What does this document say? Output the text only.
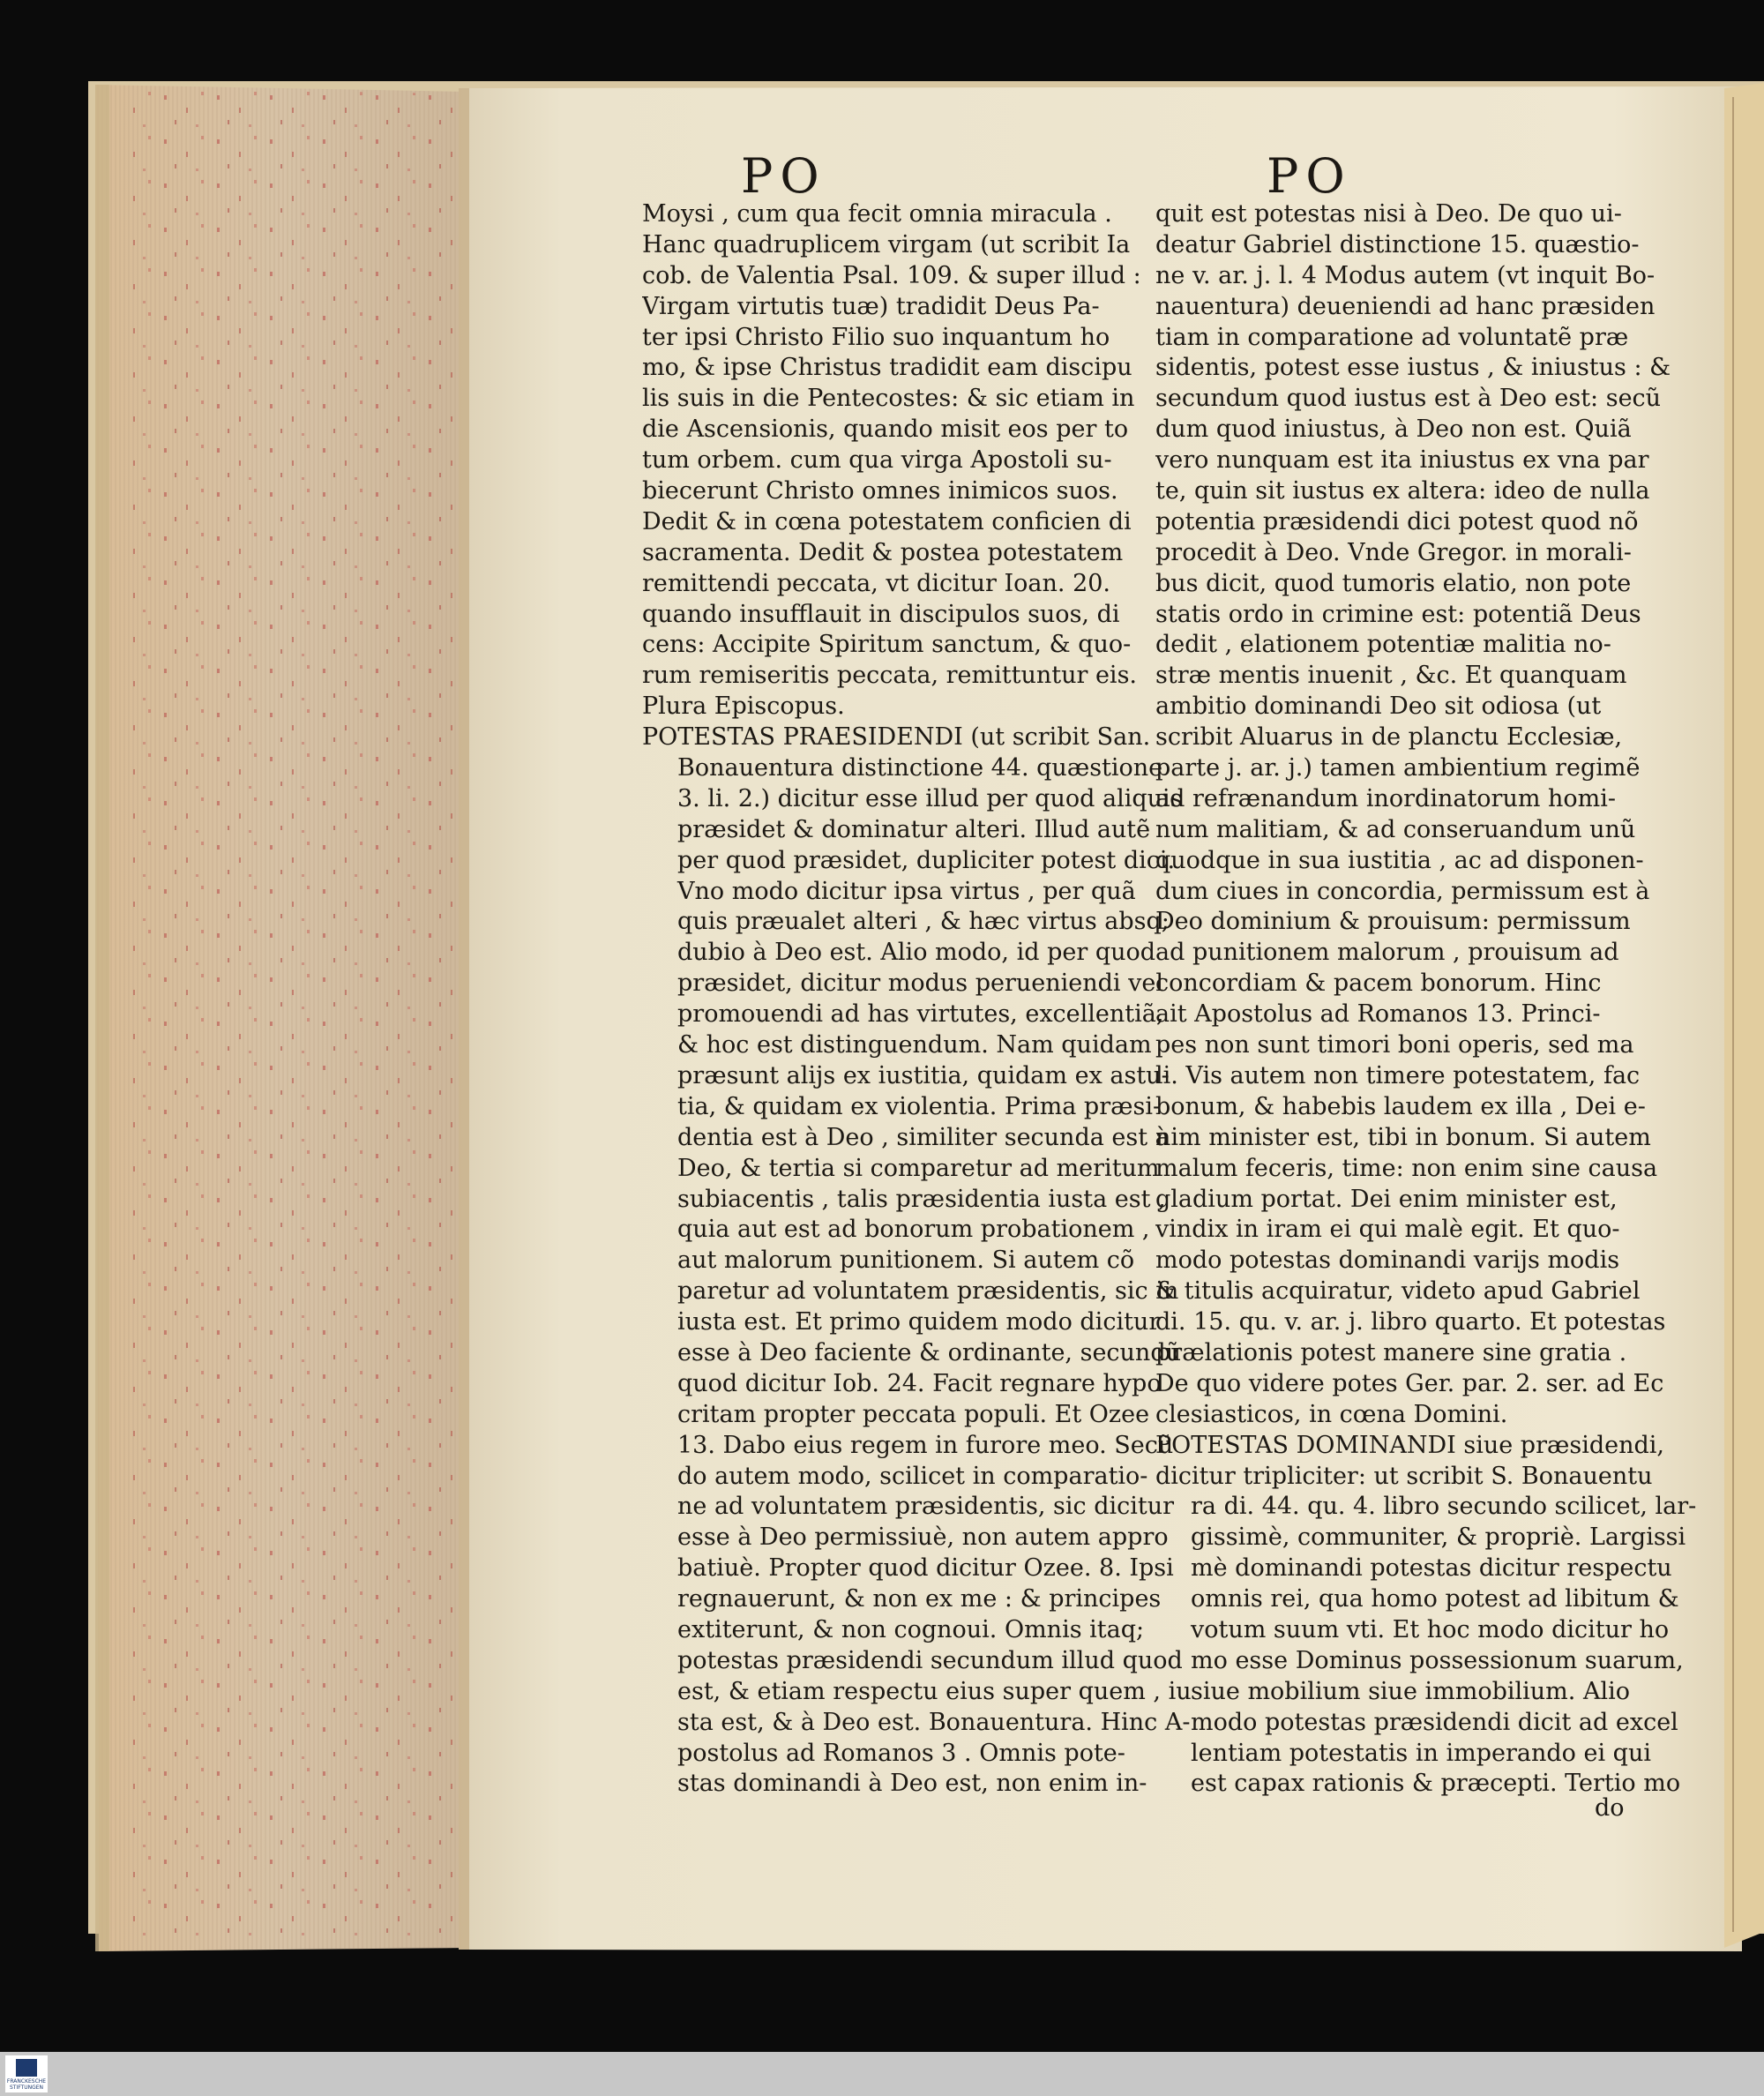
PO	PO
Moysi , cum qua fecit omnia miracula .
Hanc quadruplicem virgam (ut scribit Ia
cob. de Valentia Psal. 109. & super illud :
Virgam virtutis tuæ) tradidit Deus Pa-
ter ipsi Christo Filio suo inquantum ho
mo, & ipse Christus tradidit eam discipu
lis suis in die Pentecostes: & sic etiam in
die Ascensionis, quando misit eos per to
tum orbem. cum qua virga Apostoli su-
biecerunt Christo omnes inimicos suos.
Dedit & in cœna potestatem conficien di
sacramenta. Dedit & postea potestatem
remittendi peccata, vt dicitur Ioan. 20.
quando insufflauit in discipulos suos, di
cens: Accipite Spiritum sanctum, & quo-
rum remiseritis peccata, remittuntur eis.
Plura Episcopus.
POTESTAS PRAESIDENDI (ut scribit San.
Bonauentura distinctione 44. quæstione
3. li. 2.) dicitur esse illud per quod aliquis
præsidet & dominatur alteri. Illud autẽ
per quod præsidet, dupliciter potest dici.
Vno modo dicitur ipsa virtus , per quã
quis præualet alteri , & hæc virtus absq;
dubio à Deo est. Alio modo, id per quod
præsidet, dicitur modus perueniendi vel
promouendi ad has virtutes, excellentiã,
& hoc est distinguendum. Nam quidam
præsunt alijs ex iustitia, quidam ex astu-
tia, & quidam ex violentia. Prima præsi-
dentia est à Deo , similiter secunda est à
Deo, & tertia si comparetur ad meritum
subiacentis , talis præsidentia iusta est ,
quia aut est ad bonorum probationem ,
aut malorum punitionem. Si autem cõ
paretur ad voluntatem præsidentis, sic in
iusta est. Et primo quidem modo dicitur
esse à Deo faciente & ordinante, secundũ
quod dicitur Iob. 24. Facit regnare hypo
critam propter peccata populi. Et Ozee
13. Dabo eius regem in furore meo. Secũ
do autem modo, scilicet in comparatio-
ne ad voluntatem præsidentis, sic dicitur
esse à Deo permissiuè, non autem appro
batiuè. Propter quod dicitur Ozee. 8. Ipsi
regnauerunt, & non ex me : & principes
extiterunt, & non cognoui. Omnis itaq;
potestas præsidendi secundum illud quod
est, & etiam respectu eius super quem , iu
sta est, & à Deo est. Bonauentura. Hinc A-
postolus ad Romanos 3 . Omnis pote-
stas dominandi à Deo est, non enim in-
quit est potestas nisi à Deo. De quo ui-
deatur Gabriel distinctione 15. quæstio-
ne v. ar. j. l. 4 Modus autem (vt inquit Bo-
nauentura) deueniendi ad hanc præsiden
tiam in comparatione ad voluntatẽ præ
sidentis, potest esse iustus , & iniustus : &
secundum quod iustus est à Deo est: secũ
dum quod iniustus, à Deo non est. Quiã
vero nunquam est ita iniustus ex vna par
te, quin sit iustus ex altera: ideo de nulla
potentia præsidendi dici potest quod nõ
procedit à Deo. Vnde Gregor. in morali-
bus dicit, quod tumoris elatio, non pote
statis ordo in crimine est: potentiã Deus
dedit , elationem potentiæ malitia no-
stræ mentis inuenit , &c. Et quanquam
ambitio dominandi Deo sit odiosa (ut
scribit Aluarus in de planctu Ecclesiæ,
parte j. ar. j.) tamen ambientium regimẽ
ad refrænandum inordinatorum homi-
num malitiam, & ad conseruandum unũ
quodque in sua iustitia , ac ad disponen-
dum ciues in concordia, permissum est à
Deo dominium & prouisum: permissum
ad punitionem malorum , prouisum ad
concordiam & pacem bonorum. Hinc
ait Apostolus ad Romanos 13. Princi-
pes non sunt timori boni operis, sed ma
li. Vis autem non timere potestatem, fac
bonum, & habebis laudem ex illa , Dei e-
nim minister est, tibi in bonum. Si autem
malum feceris, time: non enim sine causa
gladium portat. Dei enim minister est,
vindix in iram ei qui malè egit. Et quo-
modo potestas dominandi varijs modis
& titulis acquiratur, videto apud Gabriel
di. 15. qu. v. ar. j. libro quarto. Et potestas
prælationis potest manere sine gratia .
De quo videre potes Ger. par. 2. ser. ad Ec
clesiasticos, in cœna Domini.
POTESTAS DOMINANDI siue præsidendi,
dicitur tripliciter: ut scribit S. Bonauentu
ra di. 44. qu. 4. libro secundo scilicet, lar-
gissimè, communiter, & propriè. Largissi
mè dominandi potestas dicitur respectu
omnis rei, qua homo potest ad libitum &
votum suum vti. Et hoc modo dicitur ho
mo esse Dominus possessionum suarum,
siue mobilium siue immobilium. Alio
modo potestas præsidendi dicit ad excel
lentiam potestatis in imperando ei qui
est capax rationis & præcepti. Tertio mo
do
FRANCKESCHE STIFTUNGEN
